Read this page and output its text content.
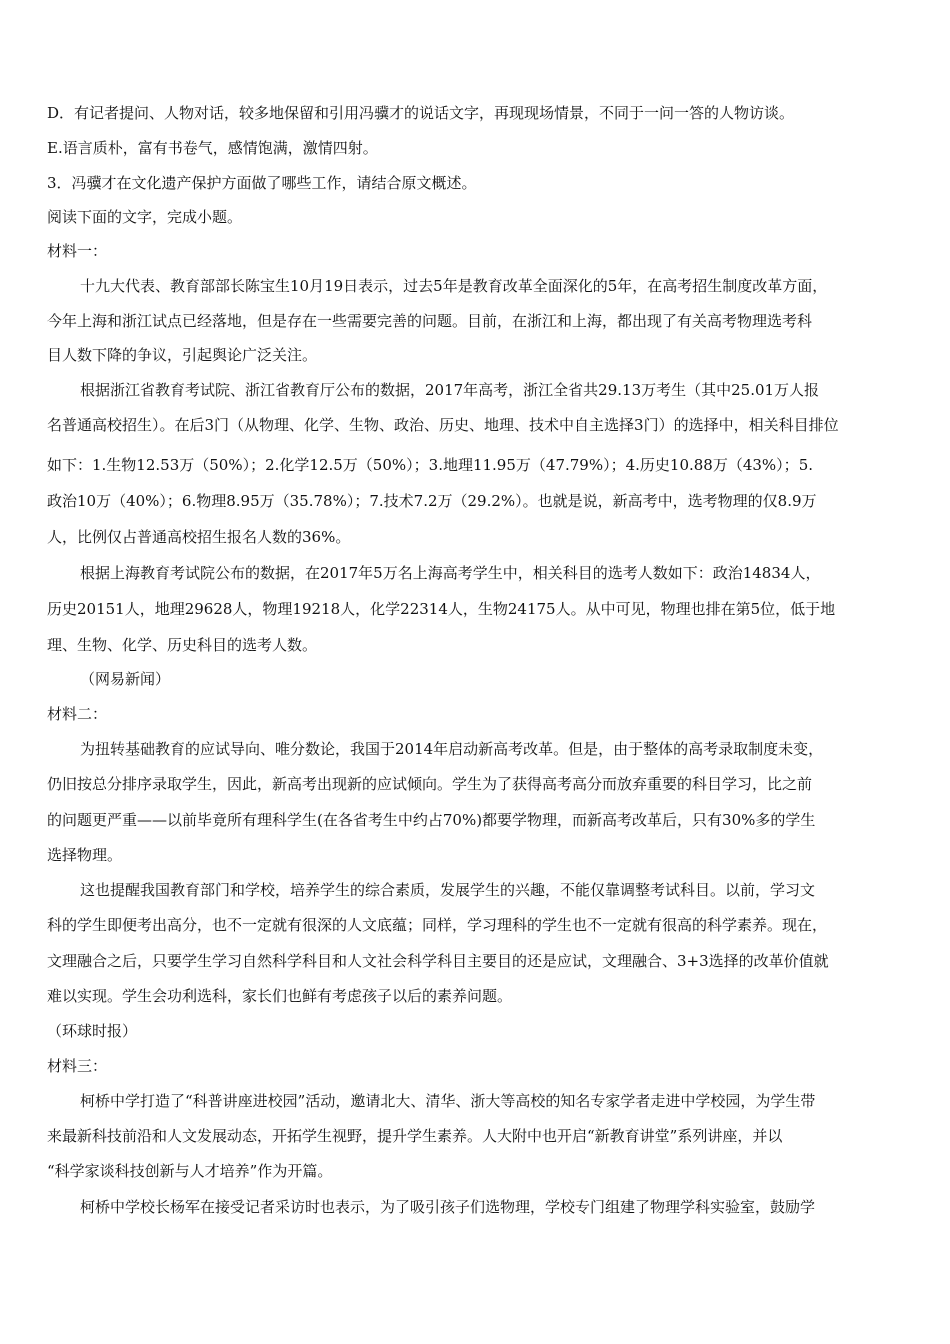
D．有记者提问、人物对话，较多地保留和引用冯骥才的说话文字，再现现场情景，不同于一问一答的人物访谈。
E.语言质朴，富有书卷气，感情饱满，激情四射。
3．冯骥才在文化遗产保护方面做了哪些工作，请结合原文概述。
阅读下面的文字，完成小题。
材料一：
十九大代表、教育部部长陈宝生10月19日表示，过去5年是教育改革全面深化的5年，在高考招生制度改革方面，
今年上海和浙江试点已经落地，但是存在一些需要完善的问题。目前，在浙江和上海，都出现了有关高考物理选考科
目人数下降的争议，引起舆论广泛关注。
根据浙江省教育考试院、浙江省教育厅公布的数据，2017年高考，浙江全省共29.13万考生（其中25.01万人报
名普通高校招生）。在后3门（从物理、化学、生物、政治、历史、地理、技术中自主选择3门）的选择中，相关科目排位
如下：1.生物12.53万（50%）；2.化学12.5万（50%）；3.地理11.95万（47.79%）；4.历史10.88万（43%）；5.
政治10万（40%）；6.物理8.95万（35.78%）；7.技术7.2万（29.2%）。也就是说，新高考中，选考物理的仅8.9万
人，比例仅占普通高校招生报名人数的36%。
根据上海教育考试院公布的数据，在2017年5万名上海高考学生中，相关科目的选考人数如下：政治14834人，
历史20151人，地理29628人，物理19218人，化学22314人，生物24175人。从中可见，物理也排在第5位，低于地
理、生物、化学、历史科目的选考人数。
（网易新闻）
材料二：
为扭转基础教育的应试导向、唯分数论，我国于2014年启动新高考改革。但是，由于整体的高考录取制度未变，
仍旧按总分排序录取学生，因此，新高考出现新的应试倾向。学生为了获得高考高分而放弃重要的科目学习，比之前
的问题更严重——以前毕竟所有理科学生(在各省考生中约占70%)都要学物理，而新高考改革后，只有30%多的学生
选择物理。
这也提醒我国教育部门和学校，培养学生的综合素质，发展学生的兴趣，不能仅靠调整考试科目。以前，学习文
科的学生即便考出高分，也不一定就有很深的人文底蕴；同样，学习理科的学生也不一定就有很高的科学素养。现在，
文理融合之后，只要学生学习自然科学科目和人文社会科学科目主要目的还是应试，文理融合、3+3选择的改革价值就
难以实现。学生会功利选科，家长们也鲜有考虑孩子以后的素养问题。
（环球时报）
材料三：
柯桥中学打造了“科普讲座进校园”活动，邀请北大、清华、浙大等高校的知名专家学者走进中学校园，为学生带
来最新科技前沿和人文发展动态，开拓学生视野，提升学生素养。人大附中也开启“新教育讲堂”系列讲座，并以
“科学家谈科技创新与人才培养”作为开篇。
柯桥中学校长杨军在接受记者采访时也表示，为了吸引孩子们选物理，学校专门组建了物理学科实验室，鼓励学
